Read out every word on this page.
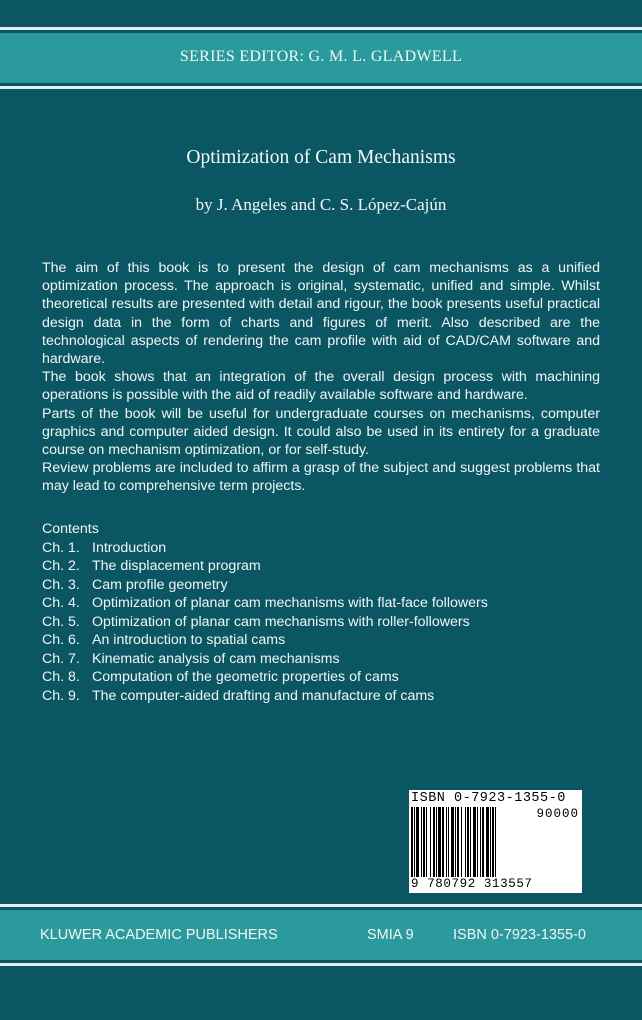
SERIES EDITOR: G. M. L. GLADWELL
Optimization of Cam Mechanisms
by J. Angeles and C. S. López-Cajún

The aim of this book is to present the design of cam mechanisms as a unified optimization process. The approach is original, systematic, unified and simple. Whilst theoretical results are presented with detail and rigour, the book presents useful practical design data in the form of charts and figures of merit. Also described are the technological aspects of rendering the cam profile with aid of CAD/CAM software and hardware.

The book shows that an integration of the overall design process with machining operations is possible with the aid of readily available software and hardware.

Parts of the book will be useful for undergraduate courses on mechanisms, computer graphics and computer aided design. It could also be used in its entirety for a graduate course on mechanism optimization, or for self-study.

Review problems are included to affirm a grasp of the subject and suggest problems that may lead to comprehensive term projects.

Contents
Ch. 1. Introduction
Ch. 2. The displacement program
Ch. 3. Cam profile geometry
Ch. 4. Optimization of planar cam mechanisms with flat-face followers
Ch. 5. Optimization of planar cam mechanisms with roller-followers
Ch. 6. An introduction to spatial cams
Ch. 7. Kinematic analysis of cam mechanisms
Ch. 8. Computation of the geometric properties of cams
Ch. 9. The computer-aided drafting and manufacture of cams
ISBN 0-7923-1355-0
90000
9 780792 313557
KLUWER ACADEMIC PUBLISHERS	SMIA 9	ISBN 0-7923-1355-0
